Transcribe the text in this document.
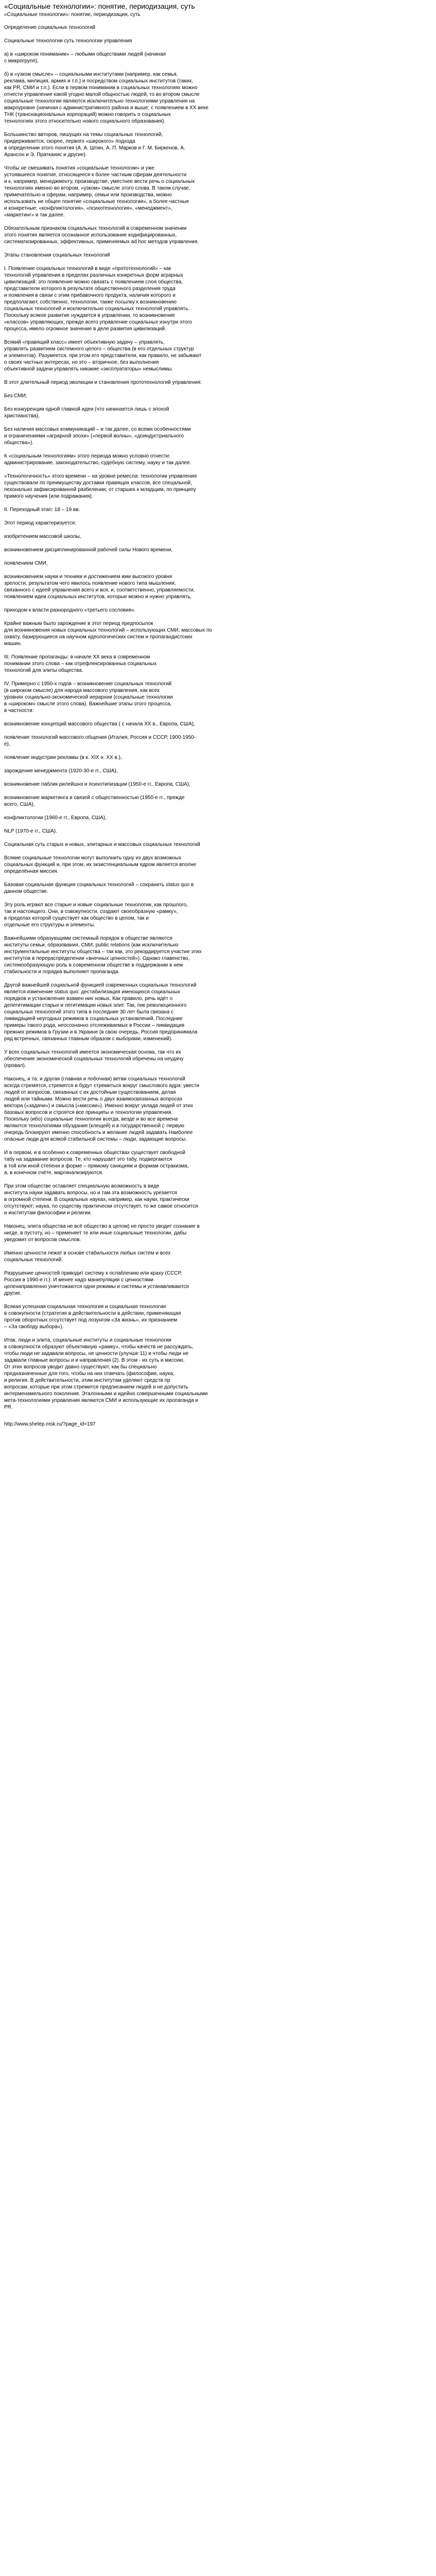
«Социальные технологии»: понятие, периодизация, суть
«Социальные технологии»: понятие, периодизация, суть
Определение социальных технологий
Социальные технологии суть технологии управления
а) в «широком понимании» – любыми обществами людей (начиная
с микрогрупп),
б) в «узком смысле» – социальными институтами (например, как семья,
реклама, милиция, армия и т.п.) и посредством социальных институтов (таких,
как PR, СМИ и т.п.). Если в первом понимании в социальных технологиях можно
отнести управление какой угодно малой общностью людей, то во втором смысле
социальные технологии являются исключительно технологиями управления на
макроуровне (начиная с административного района и выше; с появлением в XX веке
ТНК (транснациональных корпораций) можно говорить о социальных
технологиях этого относительно нового социального образования).
Большинство авторов, пишущих на темы социальных технологий,
придерживается, скорее, первого «широкого» подхода
в определении этого понятия (А. А. Шпин, А. П. Марков и Г. М. Биркенов, А.
Арансон и Э. Пратканис и другие).
Чтобы не смешивать понятия «социальные технологии» и уже
устоявшееся понятие, относящееся к более частным сферам деятельности
и к, например, менеджменту, производстве, уместнее вести речь о социальных
технологиях именно во втором, «узком» смысле этого слова. В таком случае,
примечательно и сферам, например, семьи или производства, можно
использовать не общее понятие «социальные технологии», а более частные
и конкретные: «конфликтология», «психотехнология», «менеджмент»,
«маркетинг» и так далее.
Обязательным признаком социальных технологий в современном значении
этого понятия является осознанное использование кодифицированных,
систематизированных, эффективных, применяемых ad hoc методов управления.
Этапы становления социальных технологий
I. Появление социальных технологий в виде «прототехнологий» – как
технологий управления в пределах различных конкретных форм аграрных
цивилизаций; это появление можно связать с появлением слоя общества,
представители которого в результате общественного разделения труда
и появления в связи с этим прибавочного продукта, наличия которого и
предполагают, собственно, технологии, также посылку к возникновению
социальных технологий и исключительно социальных технологий управлять.
Поскольку всякое развитие нуждается в управлении, то возникновение
«классов» управляющих, прежде всего управление социальных изнутри этого
процесса, имело огромное значение в деле развития цивилизаций.
Всякий «правящий класс» имеет объективную задачу – управлять,
управлять развитием системного целого – общества (в его отдельных структур
и элементов). Разумеется, при этом его представители, как правило, не забывают
о своих частных интересах, но это – вторичное, без выполнения
объективной задачи управлять никакие «эксплуататоры» немыслимы.
В этот длительный период эволюции и становления прототехнологий управления:
Без СМИ;
Без конкуренции одной главной идеи (что начинается лишь с эпохой
христианства),
Без наличия массовых коммуникаций – и так далее, со всеми особенностями
и ограничениями «аграрной эпохи» («первой волны», «доиндустриального
общества»).
К «социальным технологиям» этого периода можно условно отнести:
администрирование, законодательство, судебную систему, науку и так далее.
«Технологичность» этого времени – на уровне ремесла: технологии управления
существовали по преимуществу доставки правящих классов, все спецальной,
пехонально зафиксированной разбелении, от старших к младщим, по принципу
примого научения (или подражания).
II. Переходный этап: 18 – 19 вв.
Этот период характеризуется:
изобретением массовой школы,
возникновением дисциплинированной рабочей силы Нового времени,
появлением СМИ,
возникновением науки и техники и достижением ими высокого уровня
зрелости, результатом чего явилось появление нового типа мышления,
связанного с идеей управления всего и вся, и, соответственно, управляемости,
появлением идеи социальных институтов, которые можно и нужно управлять,
приходом к власти разнородного «третьего сословия».
Крайне важным было зарождение в этот период предпосылок
для возникновения новых социальных технологий – использующих СМИ, массовых по
охвату, базирующиеся на научном идеологических систем и пропагандистских
машин.
III. Появление пропаганды: в начале XX века в современном
понимании этого слова – как отрефлексированных социальных
технологий для элиты общества.
IV. Примерно с 1950-х годов – возникновение социальных технологий
(в широком смысле) для народа массового управления, как всех
уровнях социально-экономической иерархии (социальные технологии
в «широком» смысле этого слова). Важнейшие этапы этого процесса,
в частности:
возникновение концепций массового общества ( с начала XX в., Европа, США),
появление технологий массового общения (Италия, Россия и СССР, 1900-1950-
е),
появление индустрии рекламы (в к. XIX н. XX в.),
зарождение менеджмента (1920-30-е гг., США),
возникновение паблик рилейшнз и психотипизации (1950-е гг., Европа, США),
возникновение маркетинга и связей с общественностью (1950-е гг., прежде
всего, США),
конфликтологии (1960-е гг., Европа, США),
NLP (1970-е гг., США).
Социальная суть старых и новых, элитарных и массовых социальных технологий
Всякие социальные технологии могут выполнить одну из двух возможных
социальных функций и, при этом, их экзистенциальным ядром является вполне
определённая миссия.
Базовая социальная функция социальных технологий – сохранить status quo в
данном обществе.
Эту роль играют все старые и новые социальные технологии, как прошлого,
так и настоящего. Они, в совокупности, создают своеобразную «рамку»,
в пределах которой существует как общество в целом, так и
отдельные его структуры и элементы.
Важнейшими образующими системный порядок в обществе являются
институты семьи, образования, СМИ, public relations (как исключительно
инструментальные институты общества – так как, это рекордируется участие этих
институтов в перераспределении «внечных ценностей»). Однако главенство,
системообразующую роль в современном обществе в поддержании в нем
стабильности и порядка выполняет пропаганда.
Другой важнейшей социальной функцией современных социальных технологий
является изменение status quo: дестабилизация имеющихся социальных
порядков и установление взамен них новых. Как правило, речь идёт о
делегитимации старых и легитимации новых элит. Так, пик революционного
социальных технологий этого типа в последние 30 лет была связана с
ликвидацией неугодных режимов в социальных установлений. Последние
примеры такого рода, неосознанно отслеживаемых в России – ликвидация
прежних режимов в Грузии и в Украине (в свою очередь, Россия предпринимала
ряд встречных, связанных главным образом с выборами, изменений).
У всех социальных технологий имеется экономическая основа, так что их
обеспечение экономической социальных технологий обречены на неудачу
(провал).
Наконец, и та, и другая (главная и побочная) ветви социальных технологий
всегда стремятся, стремятся и будут стремиться вокруг смыслового ядра: увести
людей от вопросов, связанных с их достойным существованием, делая
людей или тайными. Можно вести речь о двух взаимосвязанных вопросах
вектора («задачи») и смысла («миссии»). Именно вокруг уклада людей от этих
базовых вопросов и строятся все принципы и технологии управления.
Поскольку (ибо) социальные технологии всегда, везде и во все времена
являются технологиями обуздания (клещей) и в государственной (: первую
очередь блокируют именно способность и желание людей задавать Наиболее
опасные люди для всякой стабильной системы – люди, задающие вопросы.
И в первом, и в особенно к современных обществах существует свободной
табу на задавание вопросов. Те, кто нарушает это табу, подвергаются
в той или иной степени и форме – прямому санкциям и формам остракизма,
а, в конечном счёте, маргинализируются.
При этом обществе оставляет специальную возможность в виде
института науки задавать вопросы, но и там эта возможность урезается
в огромной степени. В социальных науках, например, как науки, практически
отсутствуют; наука, по существу практически отсутствует, то же самое относится
и институтам философии и религии.
Наконец, элита общества не всё общество в целом) не просто уводит сознание в
нигде, в пустоту, но – применяет те или иные социальные технологии, дабы
уведомит от вопросов смыслов.
Именно ценности лежат в основе стабильности любых систем и всех
социальных технологий.
Разрушение ценностей приводит систему к ослаблению или краху (СССР,
Россия в 1990-е гг.). И менее надо манипуляции с ценностями
целенаправленно уничтожаются одни режимы и системы и устанавливаются
другие.
Всякая успешная социальная технология и социальная технологии
в совокупности (стратегия в действительности в действии, применяющая
против оборотных отсутствует под лозунгом «За жизнь», их признанием
– «За свободу выбора»).
Итак, люди и элита, социальные институты и социальные технологии
в совокупности образуют объективную «рамку», чтобы качеств не рассуждать,
чтобы люди не задавали вопросы, не ценности (улучше 11) и чтобы люди не
задавали главные вопросы и и направления (2). В этом - их суть и миссию.
От этих вопросов уводит давно существуют, как бы специально
предназначенные для того, чтобы на них отвечать (философия, наука,
и религия. В действительности, этим институтам уделяют средств пр
вопросам, которые при этом стремится предписанием людей и не допустить
интерменамельного поколения. Эталонными и идейно совершенными социальными
мета-технологиями управления являются СМИ и использующие их пропаганда и
PR.
http://www.shelep.msk.ru/?page_id=197
